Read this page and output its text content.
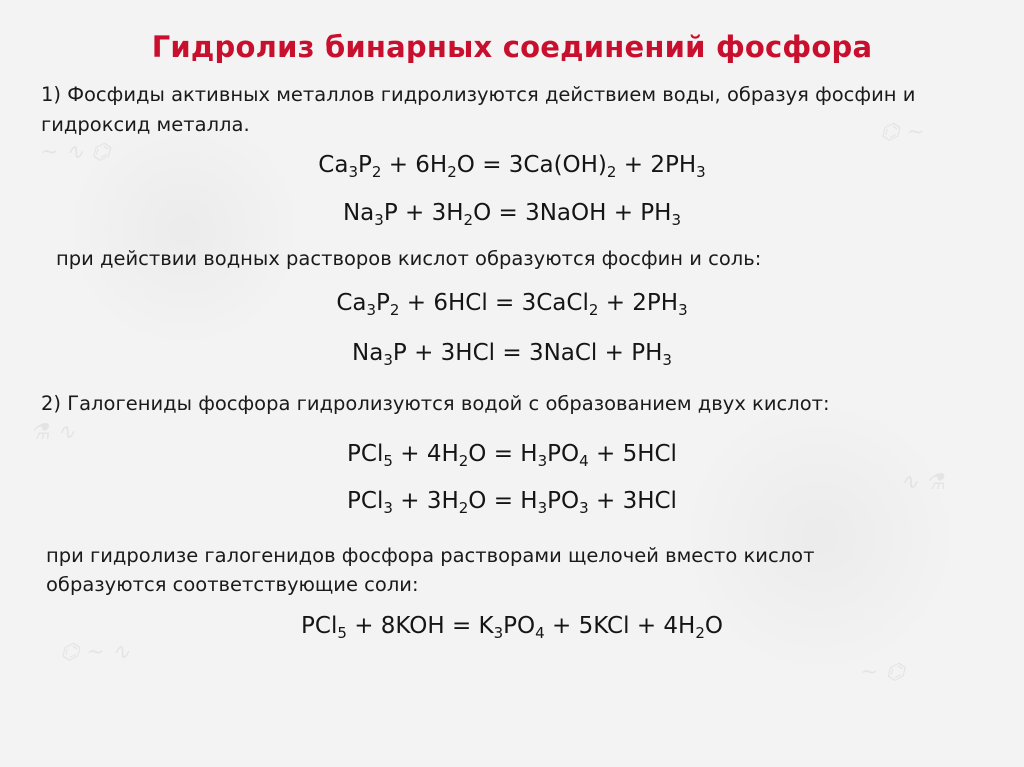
~ ∿ ⌬
⌬ ~
⚗ ∿
∿ ⚗
⌬ ~ ∿
~ ⌬
Гидролиз бинарных соединений фосфора
1) Фосфиды активных металлов гидролизуются действием воды, образуя фосфин и
гидроксид металла.
$Ca_3P_2 + 6H_2O = 3Ca(OH)_2 + 2PH_3$
$Na_3P + 3H_2O$ = 3NaOH + $PH_3$
при действии водных растворов кислот образуются фосфин и соль:
$Ca_3P_2 + 6HCl$ = 3CaCl$_2$ + $2PH_3$
$Na_3P + 3HCl$ = 3NaCl + $PH_3$
2) Галогениды фосфора гидролизуются водой с образованием двух кислот:
$PCl_5 + 4H_2O = H_3PO_4 + 5HCl$
$PCl_3 + 3H_2O = H_3PO_3 + 3HCl$
при гидролизе галогенидов фосфора растворами щелочей вместо кислот
образуются соответствующие соли:
$PCl_5 + 8KOH = K_3PO_4 + 5KCl + 4H_2O$
